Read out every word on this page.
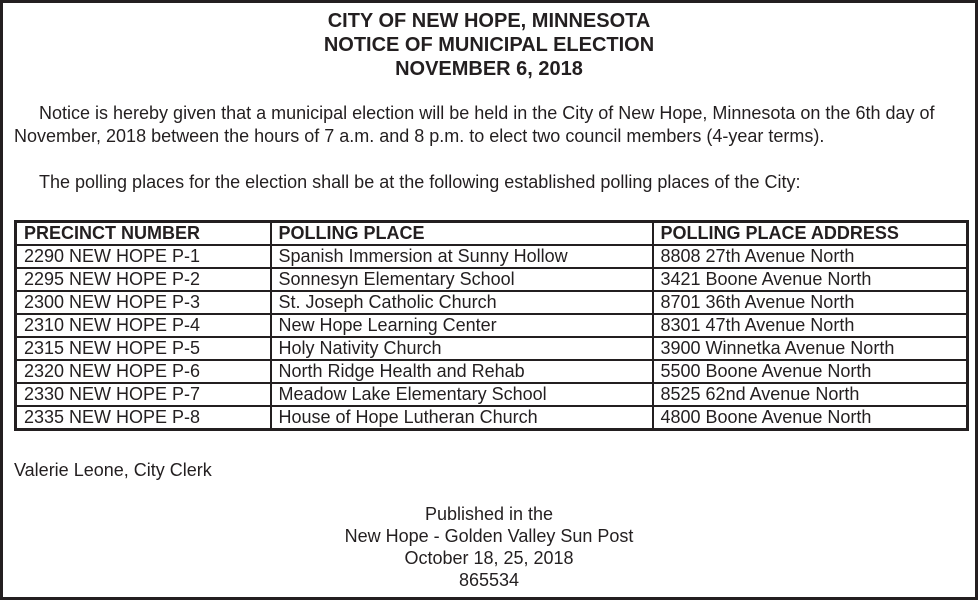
CITY OF NEW HOPE, MINNESOTA
NOTICE OF MUNICIPAL ELECTION
NOVEMBER 6, 2018
Notice is hereby given that a municipal election will be held in the City of New Hope, Minnesota on the 6th day of November, 2018 between the hours of 7 a.m. and 8 p.m. to elect two council members (4-year terms).
The polling places for the election shall be at the following established polling places of the City:
PRECINCT NUMBER	POLLING PLACE	POLLING PLACE ADDRESS
2290 NEW HOPE P-1	Spanish Immersion at Sunny Hollow	8808 27th Avenue North
2295 NEW HOPE P-2	Sonnesyn Elementary School	3421 Boone Avenue North
2300 NEW HOPE P-3	St. Joseph Catholic Church	8701 36th Avenue North
2310 NEW HOPE P-4	New Hope Learning Center	8301 47th Avenue North
2315 NEW HOPE P-5	Holy Nativity Church	3900 Winnetka Avenue North
2320 NEW HOPE P-6	North Ridge Health and Rehab	5500 Boone Avenue North
2330 NEW HOPE P-7	Meadow Lake Elementary School	8525 62nd Avenue North
2335 NEW HOPE P-8	House of Hope Lutheran Church	4800 Boone Avenue North
Valerie Leone, City Clerk
Published in the
New Hope - Golden Valley Sun Post
October 18, 25, 2018
865534
